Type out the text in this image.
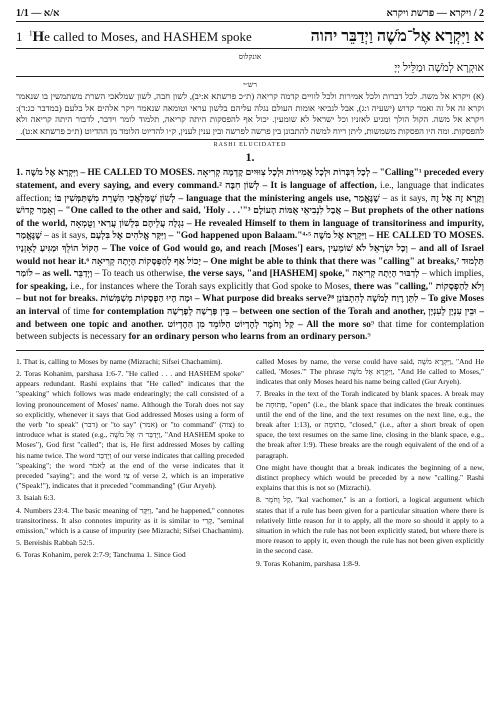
1/1 — א/א	2 / ויקרא — פרשת ויקרא
1 $^1$He called to Moses, and HASHEM spoke	א וַיִּקְרָא אֶל־מֹשֶׁה וַיְדַבֵּר יהוה
אונקלוס
אוּקְרָא לְמֹשֶׁה וּמַלֵּיל יְיָ
רש״י
(א) ויקרא אל משה. לכל דברות ולכל אמירות ולכל לוויים קדמה קריאה (ת״כ פרשתא א:יב), לשון חבה, לשון שמלאכי השרת משתמשין בו שנאמר וקרא זה אל זה ואמר קדוש (ישעיה ו:ג), אבל לנביאי אומות העולם נגלה עליהם בלשון עראי וטומאה שנאמר ויקר אלהים אל בלעם (במדבר כג:ד): ויקרא אל משה. הקול הולך ומגיע לאזניו וכל ישראל לא שומעין. יכול אף להפסקות היתה קריאה, תלמוד לומר וידבר, לדבור היתה קריאה ולא להפסקות. ומה היו הפסקות משמשות, ליתן ריוח למשה להתבונן בין פרשה לפרשה ובין ענין לענין, ק״ו להדיוט הלומד מן ההדיוט (ת״כ פרשתא א:ט).
RASHI ELUCIDATED
1.
1. וַיִּקְרָא אֶל מֹשֶׁה – HE CALLED TO MOSES. לְכָל דִּבְּרוֹת וּלְכָל אֲמִירוֹת וּלְכָל צִוּוּיִים קָדְמָה קְרִיאָה – "Calling"¹ preceded every statement, and every saying, and every command.² לְשׁוֹן חִבָּה – It is language of affection, i.e., language that indicates affection; לְשׁוֹן שֶׁמַּלְאֲכֵי הַשָּׁרֵת מִשְׁתַּמְּשִׁין בּוֹ – language that the ministering angels use, שֶׁנֶּאֱמַר – as it says, וְקָרָא זֶה אֶל זֶה וְאָמַר קָדוֹשׁ – "One called to the other and said, 'Holy . . .'"³ אֲבָל לִנְבִיאֵי אֻמּוֹת הָעוֹלָם – But prophets of the other nations of the world, נִגְלָה עֲלֵיהֶם בִּלְשׁוֹן עֲרַאי וְטֻמְאָה – He revealed Himself to them in language of transitoriness and impurity, שֶׁנֶּאֱמַר – as it says, וַיִּקָּר אֱלֹהִים אֶל בִּלְעָם – "God happened upon Balaam."⁴·⁵ וַיִּקְרָא אֶל מֹשֶׁה – HE CALLED TO MOSES. הַקּוֹל הוֹלֵךְ וּמַגִּיעַ לְאָזְנָיו – The voice of God would go, and reach [Moses'] ears, וְכָל יִשְׂרָאֵל לֹא שׁוֹמְעִין – and all of Israel would not hear it.⁶ יָכוֹל אַף לַהַפְסָקוֹת הָיְתָה קְרִיאָה – One might be able to think that there was "calling" at breaks,⁷ תַּלְמוּד לוֹמַר – as well. וַיְדַבֵּר – To teach us otherwise, the verse says, "and [HASHEM] spoke," לְדִבּוּר הָיְתָה קְרִיאָה – which implies, for speaking, i.e., for instances where the Torah says explicitly that God spoke to Moses, there was "calling," וְלֹא לַהַפְסָקוֹת – but not for breaks. וּמָה הָיוּ הַפְסָקוֹת מְשַׁמְּשׁוֹת – What purpose did breaks serve?⁸ לִתֵּן רֶוַח לְמֹשֶׁה לְהִתְבּוֹנֵן – To give Moses an interval of time for contemplation בֵּין פָּרָשָׁה לְפָרָשָׁה – between one section of the Torah and another, וּבֵין עִנְיָן לְעִנְיָן – and between one topic and another. קַל וָחֹמֶר לְהֶדְיוֹט הַלּוֹמֵד מִן הַהֶדְיוֹט – All the more so⁹ that time for contemplation between subjects is necessary for an ordinary person who learns from an ordinary person.⁹

1. That is, calling to Moses by name (Mizrachi; Sifsei Chachamim).

2. Toras Kohanim, parshasa 1:6-7. "He called . . . and HASHEM spoke" appears redundant. Rashi explains that "He called" indicates that the "speaking" which follows was made endearingly; the call consisted of a loving pronouncement of Moses' name. Although the Torah does not say so explicitly, whenever it says that God addressed Moses using a form of the verb "to speak" (דבר) or "to say" (אמר) or "to command" (צוה) to introduce what is stated (e.g., וַיְדַבֵּר ה׳ אֶל מֹשֶׁה, "And HASHEM spoke to Moses"), God first "called"; that is, He first addressed Moses by calling his name twice. The word וַיְדַבֵּר of our verse indicates that calling preceded "speaking"; the word לֵאמֹר at the end of the verse indicates that it preceded "saying"; and the word צַו of verse 2, which is an imperative ("Speak!"), indicates that it preceded "commanding" (Gur Aryeh).

3. Isaiah 6:3.

4. Numbers 23:4. The basic meaning of וַיִּקָּר, "and he happened," connotes transitoriness. It also connotes impurity as it is similar to קֶרִי, "seminal emission," which is a cause of impurity (see Mizrachi; Sifsei Chachamim).

5. Bereishis Rabbah 52:5.

6. Toras Kohanim, perek 2:7-9; Tanchuma 1. Since God

called Moses by name, the verse could have said, וַיִּקְרָא מֹשֶׁה, "And He called, 'Moses.'" The phrase וַיִּקְרָא אֶל מֹשֶׁה, "And He called to Moses," indicates that only Moses heard his name being called (Gur Aryeh).

7. Breaks in the text of the Torah indicated by blank spaces. A break may be פְּתוּחָה, "open" (i.e., the blank space that indicates the break continues until the end of the line, and the text resumes on the next line, e.g., the break after 1:13), or סְתוּמָה, "closed," (i.e., after a short break of open space, the text resumes on the same line, closing in the blank space, e.g., the break after 1:9). These breaks are the rough equivalent of the end of a paragraph.

One might have thought that a break indicates the beginning of a new, distinct prophecy which would be preceded by a new "calling." Rashi explains that this is not so (Mizrachi).

8. קַל וָחֹמֶר, "kal vachomer," is an a fortiori, a logical argument which states that if a rule has been given for a particular situation where there is relatively little reason for it to apply, all the more so should it apply to a situation in which the rule has not been explicitly stated, but where there is more reason to apply it, even though the rule has not been given explicitly in the second case.

9. Toras Kohanim, parshasa 1:8-9.
